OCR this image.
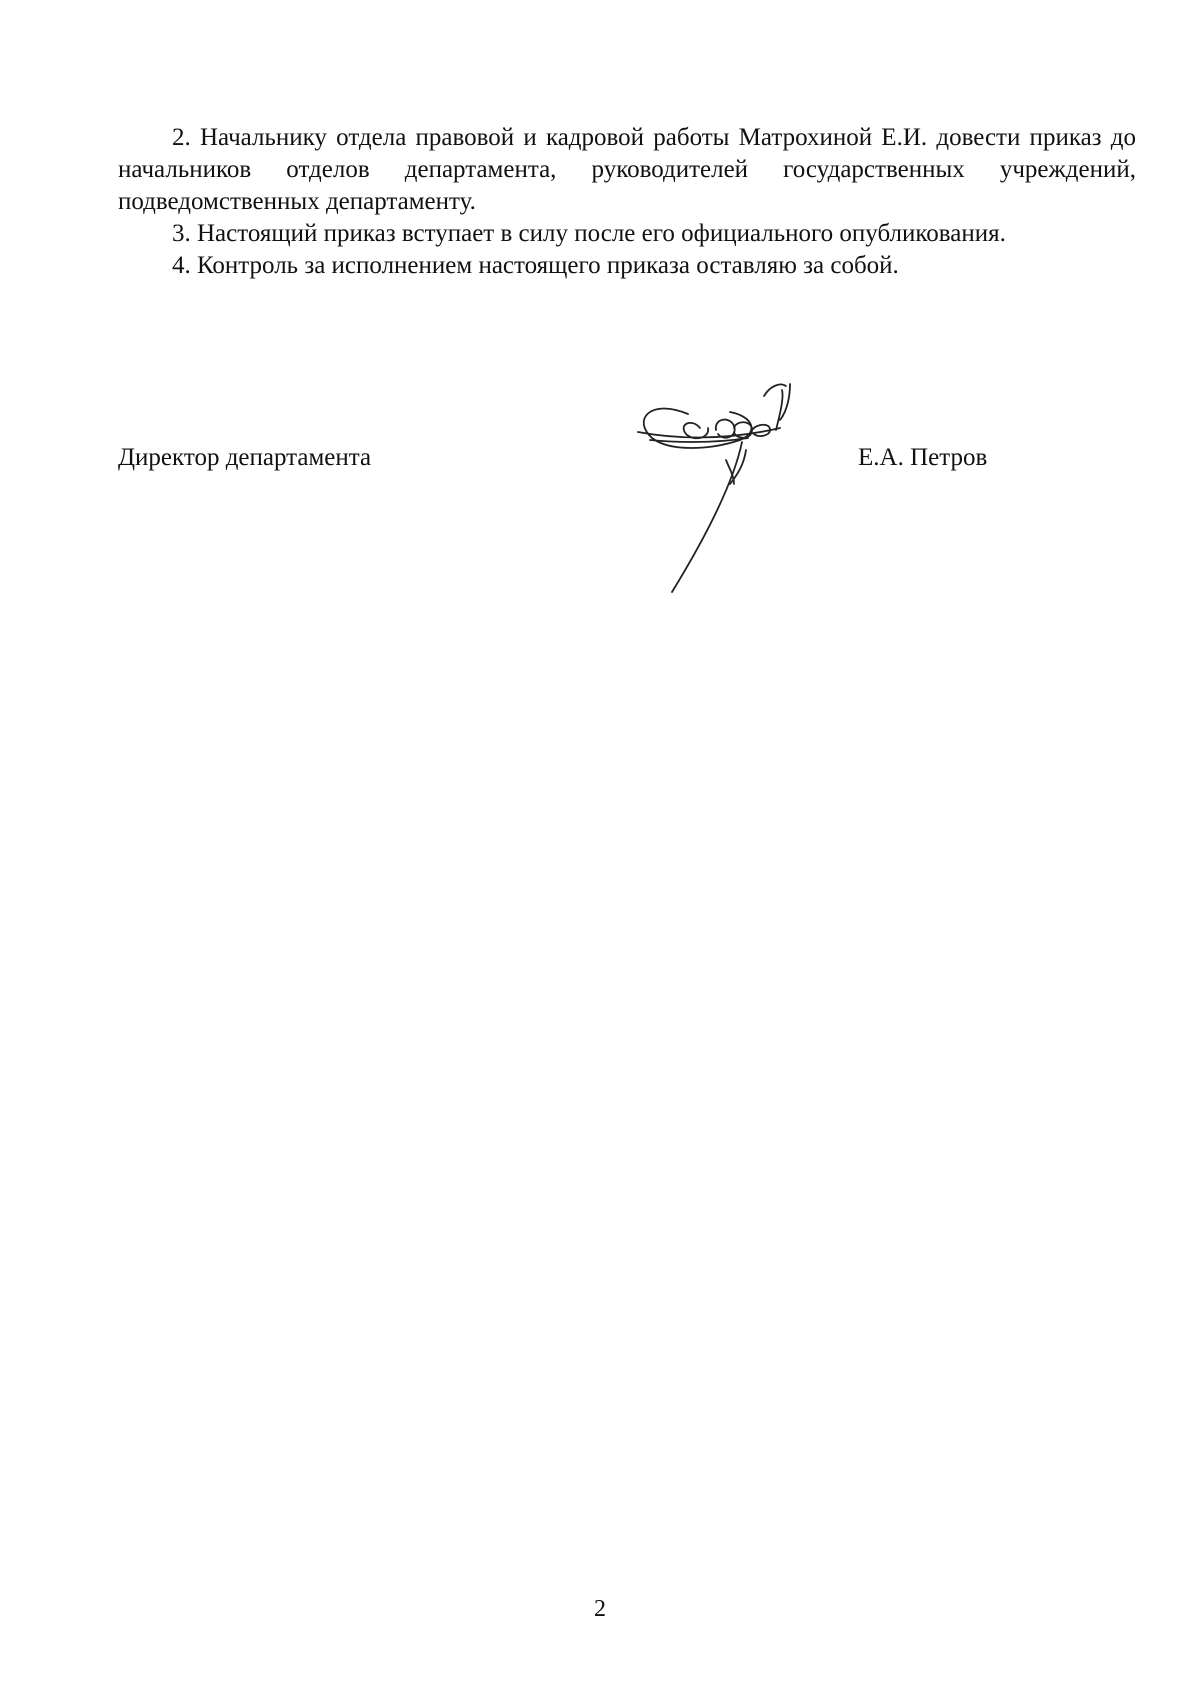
2. Начальнику отдела правовой и кадровой работы Матрохиной Е.И. довести приказ до начальников отделов департамента, руководителей государственных учреждений, подведомственных департаменту.

3. Настоящий приказ вступает в силу после его официального опубликования.

4. Контроль за исполнением настоящего приказа оставляю за собой.

Директор департамента	Е.А. Петров
2
